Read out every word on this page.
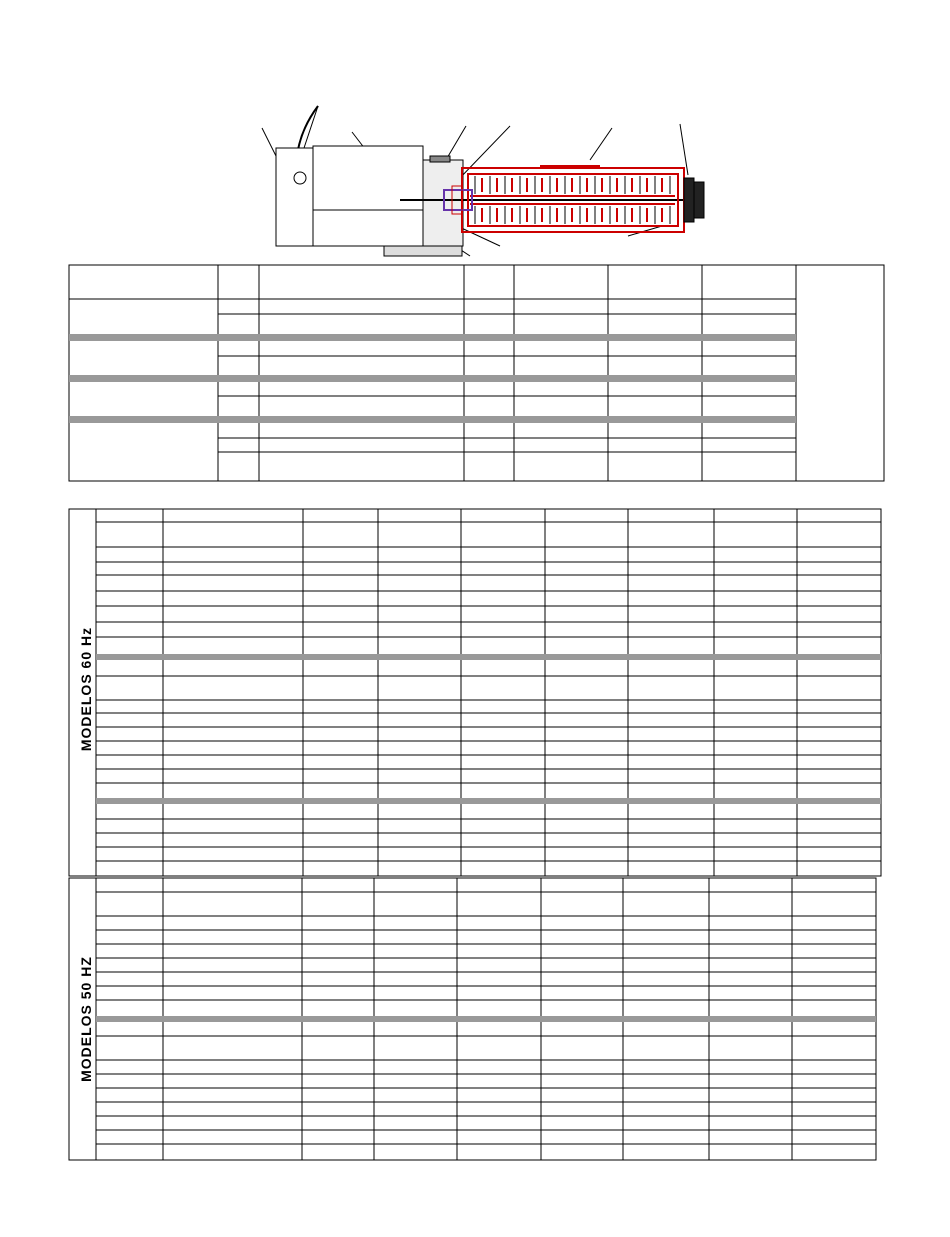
MODELOS 60 Hz
MODELOS 50 HZ
